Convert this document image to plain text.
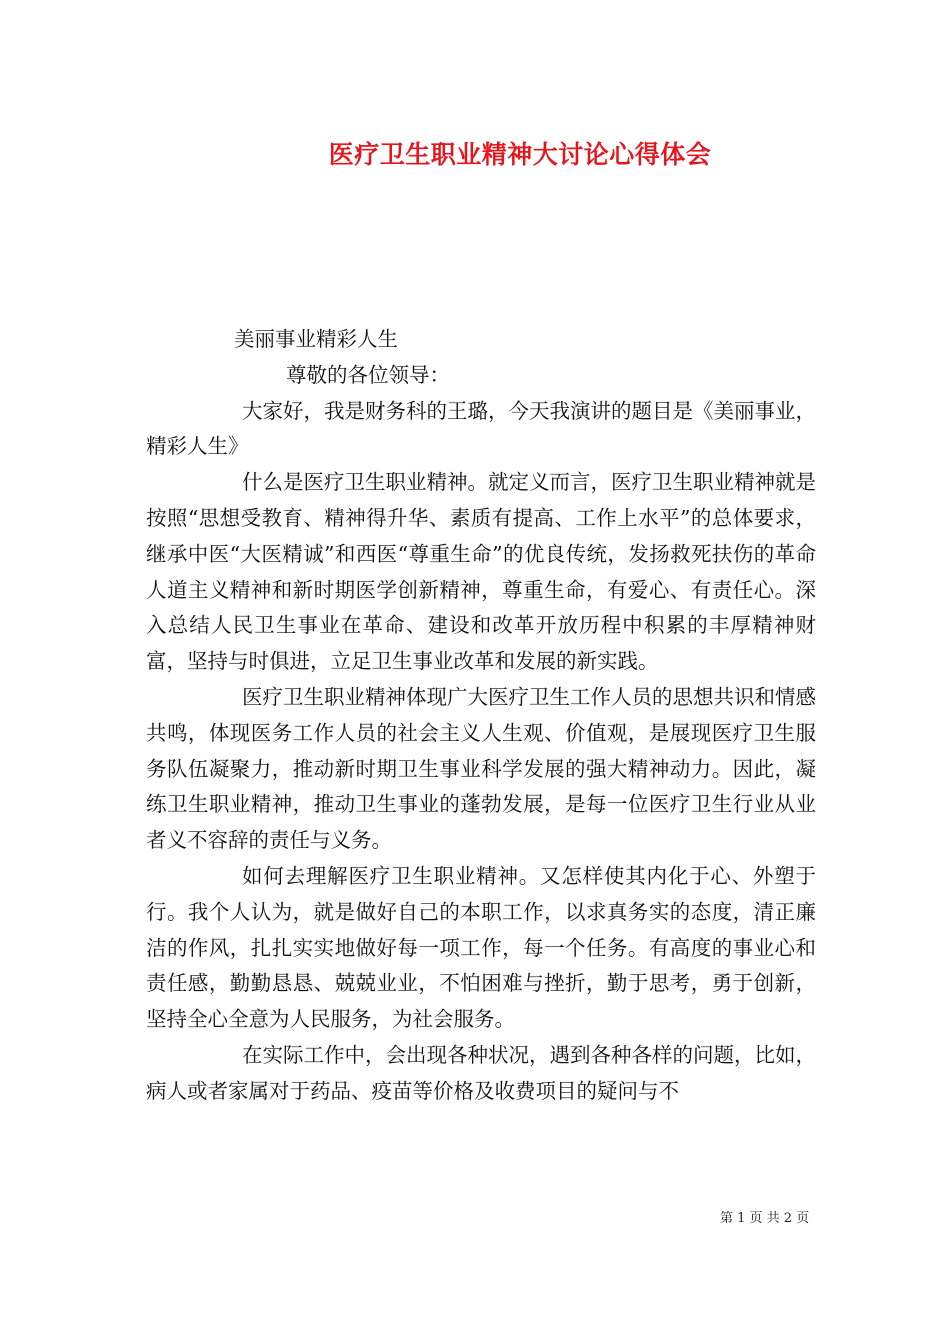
医疗卫生职业精神大讨论心得体会

美丽事业精彩人生

尊敬的各位领导：

大家好，我是财务科的王璐，今天我演讲的题目是《美丽事业，精彩人生》

什么是医疗卫生职业精神。就定义而言，医疗卫生职业精神就是按照“思想受教育、精神得升华、素质有提高、工作上水平”的总体要求，继承中医“大医精诚”和西医“尊重生命”的优良传统，发扬救死扶伤的革命人道主义精神和新时期医学创新精神，尊重生命，有爱心、有责任心。深入总结人民卫生事业在革命、建设和改革开放历程中积累的丰厚精神财富，坚持与时俱进，立足卫生事业改革和发展的新实践。

医疗卫生职业精神体现广大医疗卫生工作人员的思想共识和情感共鸣，体现医务工作人员的社会主义人生观、价值观，是展现医疗卫生服务队伍凝聚力，推动新时期卫生事业科学发展的强大精神动力。因此，凝练卫生职业精神，推动卫生事业的蓬勃发展，是每一位医疗卫生行业从业者义不容辞的责任与义务。

如何去理解医疗卫生职业精神。又怎样使其内化于心、外塑于行。我个人认为，就是做好自己的本职工作，以求真务实的态度，清正廉洁的作风，扎扎实实地做好每一项工作，每一个任务。有高度的事业心和责任感，勤勤恳恳、兢兢业业，不怕困难与挫折，勤于思考，勇于创新，坚持全心全意为人民服务，为社会服务。

在实际工作中，会出现各种状况，遇到各种各样的问题，比如，病人或者家属对于药品、疫苗等价格及收费项目的疑问与不

第 1 页 共 2 页
